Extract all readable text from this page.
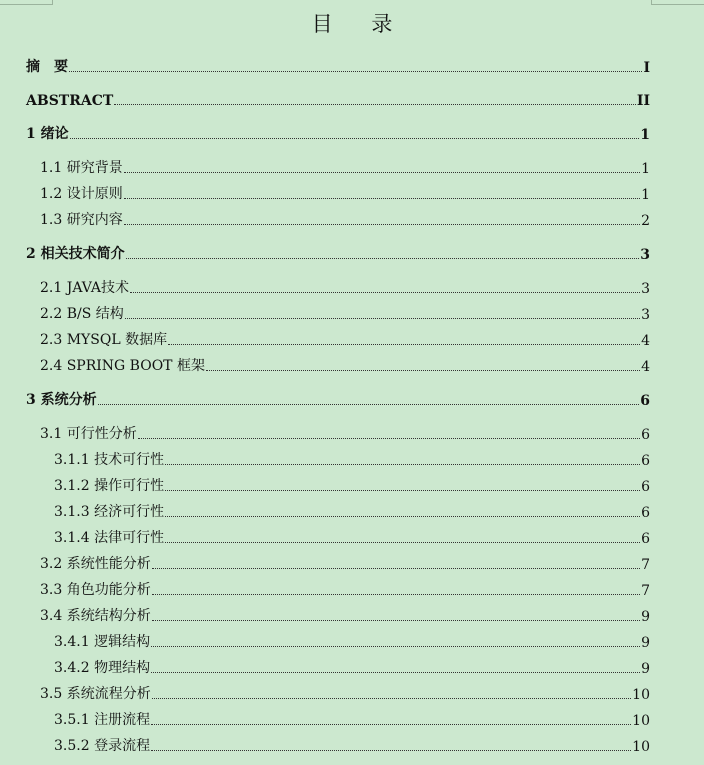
目 录
摘　要	I
ABSTRACT	II
1 绪论	1
1.1 研究背景	1
1.2 设计原则	1
1.3 研究内容	2
2 相关技术简介	3
2.1 JAVA技术	3
2.2 B/S 结构	3
2.3 MYSQL 数据库	4
2.4 SPRING BOOT 框架	4
3 系统分析	6
3.1 可行性分析	6
3.1.1 技术可行性	6
3.1.2 操作可行性	6
3.1.3 经济可行性	6
3.1.4 法律可行性	6
3.2 系统性能分析	7
3.3 角色功能分析	7
3.4 系统结构分析	9
3.4.1 逻辑结构	9
3.4.2 物理结构	9
3.5 系统流程分析	10
3.5.1 注册流程	10
3.5.2 登录流程	10
